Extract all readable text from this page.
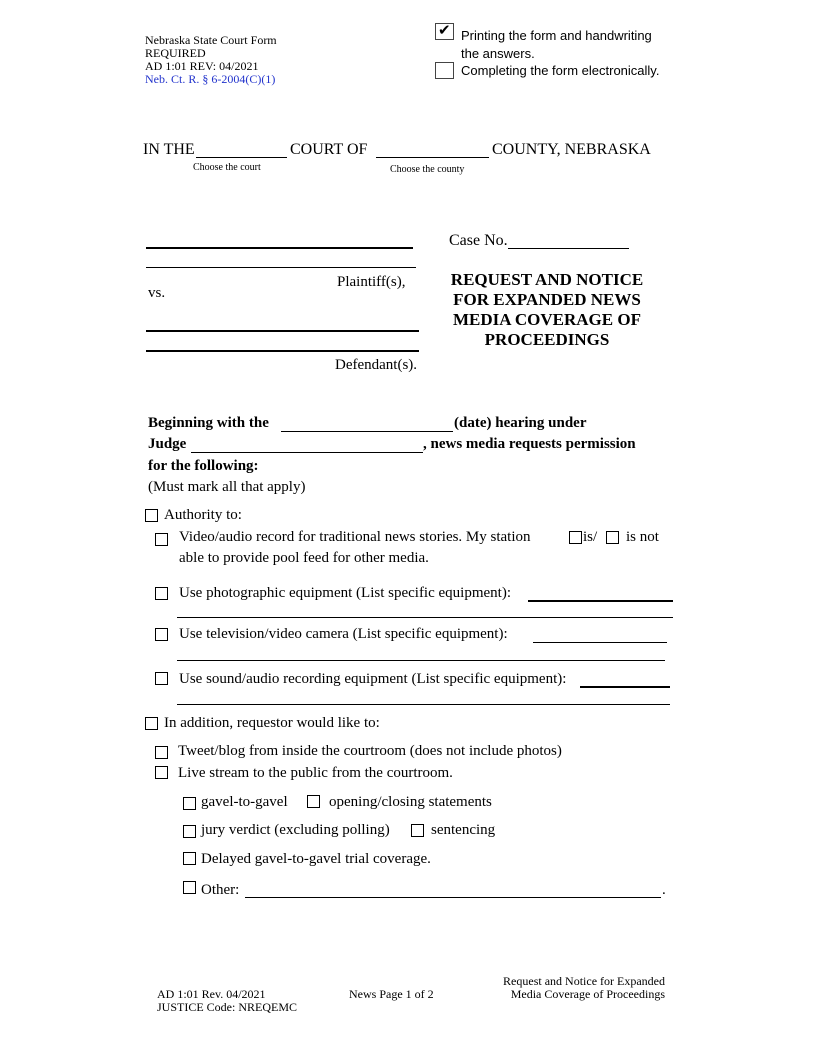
Nebraska State Court Form
REQUIRED
AD 1:01 REV: 04/2021
Neb. Ct. R. § 6-2004(C)(1)
✔ Printing the form and handwriting
the answers.
Completing the form electronically.
IN THE	COURT OF	COUNTY, NEBRASKA
Choose the court	Choose the county
Plaintiff(s),
vs.
Defendant(s).
Case No.
REQUEST AND NOTICE
FOR EXPANDED NEWS
MEDIA COVERAGE OF
PROCEEDINGS
Beginning with the	(date) hearing under
Judge	, news media requests permission
for the following:
(Must mark all that apply)
Authority to:
Video/audio record for traditional news stories. My station	is/ is not
able to provide pool feed for other media.
Use photographic equipment (List specific equipment):
Use television/video camera (List specific equipment):
Use sound/audio recording equipment (List specific equipment):
In addition, requestor would like to:
Tweet/blog from inside the courtroom (does not include photos)
Live stream to the public from the courtroom.
gavel-to-gavel	opening/closing statements
jury verdict (excluding polling)	sentencing
Delayed gavel-to-gavel trial coverage.
Other:	.
AD 1:01 Rev. 04/2021
JUSTICE Code: NREQEMC
News Page 1 of 2
Request and Notice for Expanded
Media Coverage of Proceedings
